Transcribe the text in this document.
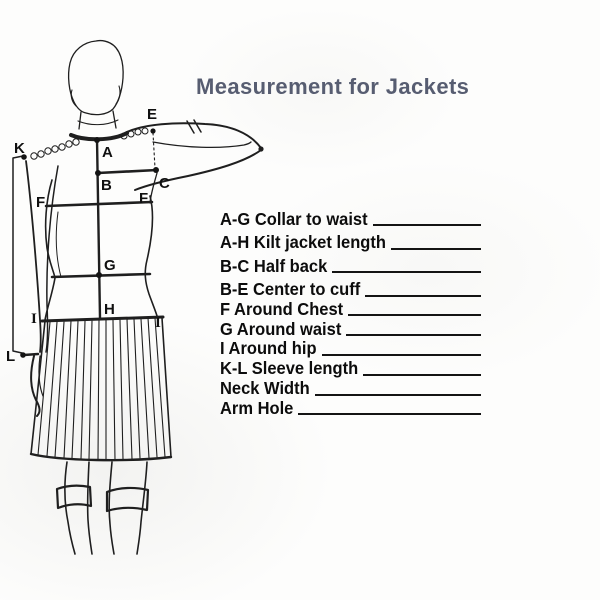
K	A
E
B	C
F	F
G
H
I	I
L
Measurement for Jackets
A-G Collar to waist
A-H Kilt jacket length
B-C Half back
B-E Center to cuff
F Around Chest
G Around waist
I Around hip
K-L Sleeve length
Neck Width
Arm Hole
